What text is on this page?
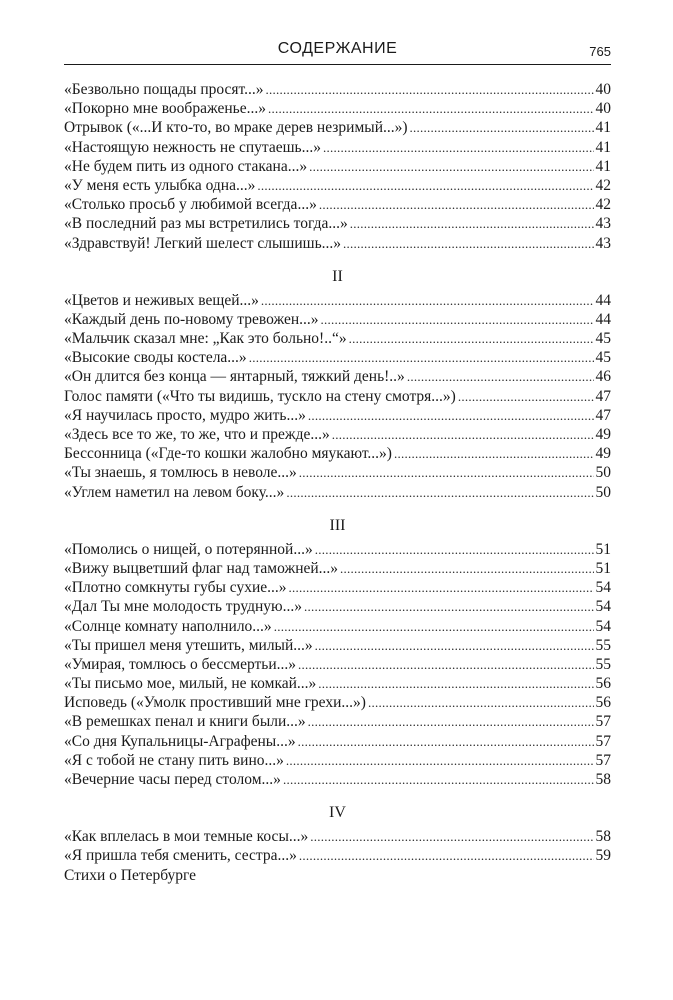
СОДЕРЖАНИЕ	765
«Безвольно пощады просят...» . . .	40
«Покорно мне воображенье...» . . .	40
Отрывок («...И кто-то, во мраке дерев незримый...») . . .	41
«Настоящую нежность не спутаешь...» . . .	41
«Не будем пить из одного стакана...» . . .	41
«У меня есть улыбка одна...» . . .	42
«Столько просьб у любимой всегда...» . . .	42
«В последний раз мы встретились тогда...» . . .	43
«Здравствуй! Легкий шелест слышишь...» . . .	43
II
«Цветов и неживых вещей...» . . .	44
«Каждый день по-новому тревожен...» . . .	44
«Мальчик сказал мне: „Как это больно!..“» . . .	45
«Высокие своды костела...» . . .	45
«Он длится без конца — янтарный, тяжкий день!..» . . .	46
Голос памяти («Что ты видишь, тускло на стену смотря...») . . .	47
«Я научилась просто, мудро жить...» . . .	47
«Здесь все то же, то же, что и прежде...» . . .	49
Бессонница («Где-то кошки жалобно мяукают...») . . .	49
«Ты знаешь, я томлюсь в неволе...» . . .	50
«Углем наметил на левом боку...» . . .	50
III
«Помолись о нищей, о потерянной...» . . .	51
«Вижу выцветший флаг над таможней...» . . .	51
«Плотно сомкнуты губы сухие...» . . .	54
«Дал Ты мне молодость трудную...» . . .	54
«Солнце комнату наполнило...» . . .	54
«Ты пришел меня утешить, милый...» . . .	55
«Умирая, томлюсь о бессмертьи...» . . .	55
«Ты письмо мое, милый, не комкай...» . . .	56
Исповедь («Умолк простивший мне грехи...») . . .	56
«В ремешках пенал и книги были...» . . .	57
«Со дня Купальницы-Аграфены...» . . .	57
«Я с тобой не стану пить вино...» . . .	57
«Вечерние часы перед столом...» . . .	58
IV
«Как вплелась в мои темные косы...» . . .	58
«Я пришла тебя сменить, сестра...» . . .	59
Стихи о Петербурге
